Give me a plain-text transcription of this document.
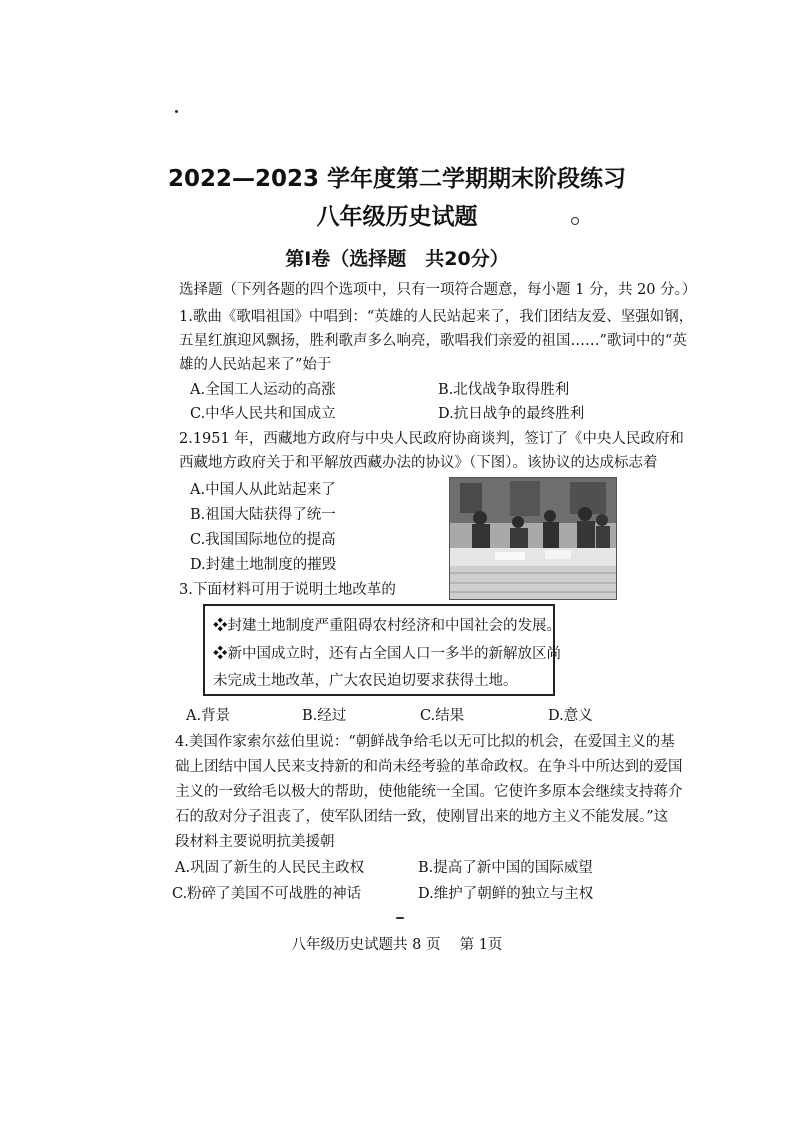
2022—2023 学年度第二学期期末阶段练习
八年级历史试题
第Ⅰ卷（选择题　共20分）
选择题（下列各题的四个选项中，只有一项符合题意，每小题 1 分，共 20 分。）
1.歌曲《歌唱祖国》中唱到：“英雄的人民站起来了，我们团结友爱、坚强如钢，
五星红旗迎风飘扬，胜利歌声多么响亮，歌唱我们亲爱的祖国……”歌词中的“英
雄的人民站起来了”始于
A.全国工人运动的高涨	B.北伐战争取得胜利
C.中华人民共和国成立	D.抗日战争的最终胜利
2.1951 年，西藏地方政府与中央人民政府协商谈判，签订了《中央人民政府和
西藏地方政府关于和平解放西藏办法的协议》（下图）。该协议的达成标志着
A.中国人从此站起来了
B.祖国大陆获得了统一
C.我国国际地位的提高
D.封建土地制度的摧毁
3.下面材料可用于说明土地改革的
❖封建土地制度严重阻碍农村经济和中国社会的发展。
❖新中国成立时，还有占全国人口一多半的新解放区尚
未完成土地改革，广大农民迫切要求获得土地。
A.背景	B.经过	C.结果	D.意义
4.美国作家索尔兹伯里说：“朝鲜战争给毛以无可比拟的机会，在爱国主义的基
础上团结中国人民来支持新的和尚未经考验的革命政权。在争斗中所达到的爱国
主义的一致给毛以极大的帮助，使他能统一全国。它使许多原本会继续支持蒋介
石的敌对分子沮丧了，使军队团结一致，使刚冒出来的地方主义不能发展。”这
段材料主要说明抗美援朝
A.巩固了新生的人民民主政权	B.提高了新中国的国际威望
C.粉碎了美国不可战胜的神话	D.维护了朝鲜的独立与主权
八年级历史试题共 8 页　 第 1页
